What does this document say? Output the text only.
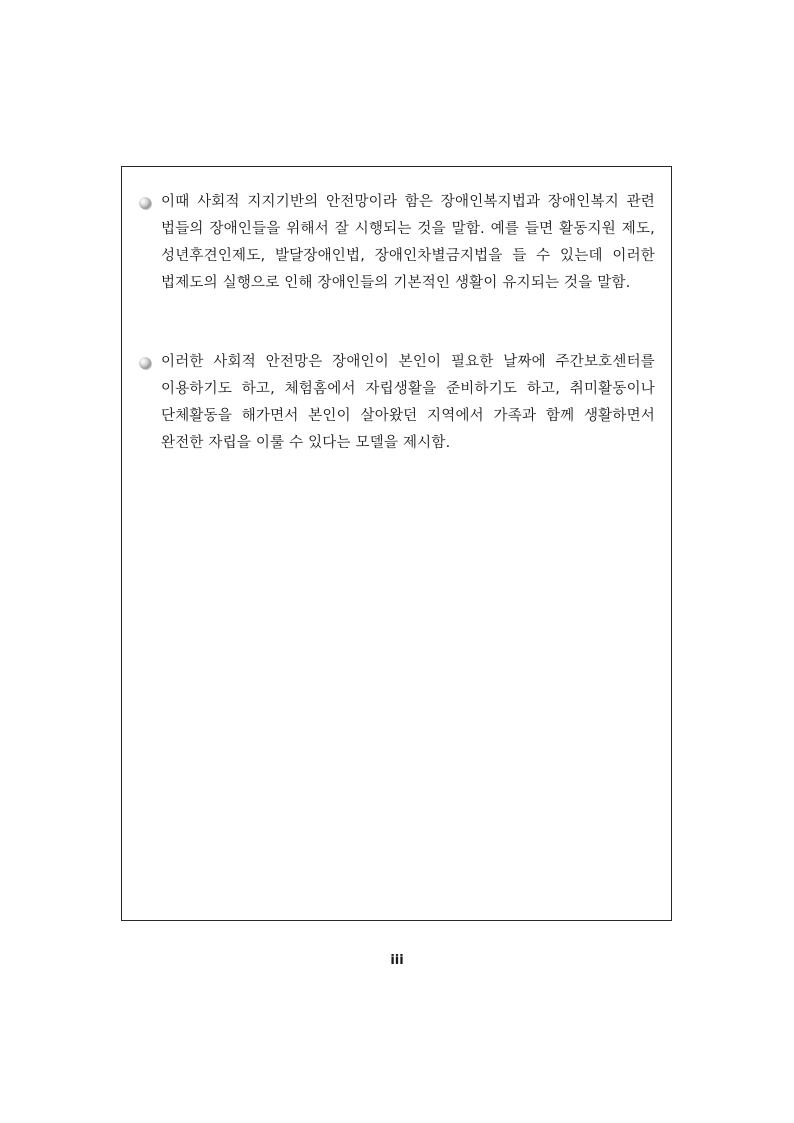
이때 사회적 지지기반의 안전망이라 함은 장애인복지법과 장애인복지 관련 법들의 장애인들을 위해서 잘 시행되는 것을 말함. 예를 들면 활동지원 제도, 성년후견인제도, 발달장애인법, 장애인차별금지법을 들 수 있는데 이러한 법제도의 실행으로 인해 장애인들의 기본적인 생활이 유지되는 것을 말함.
이러한 사회적 안전망은 장애인이 본인이 필요한 날짜에 주간보호센터를 이용하기도 하고, 체험홈에서 자립생활을 준비하기도 하고, 취미활동이나 단체활동을 해가면서 본인이 살아왔던 지역에서 가족과 함께 생활하면서 완전한 자립을 이룰 수 있다는 모델을 제시함.
iii
